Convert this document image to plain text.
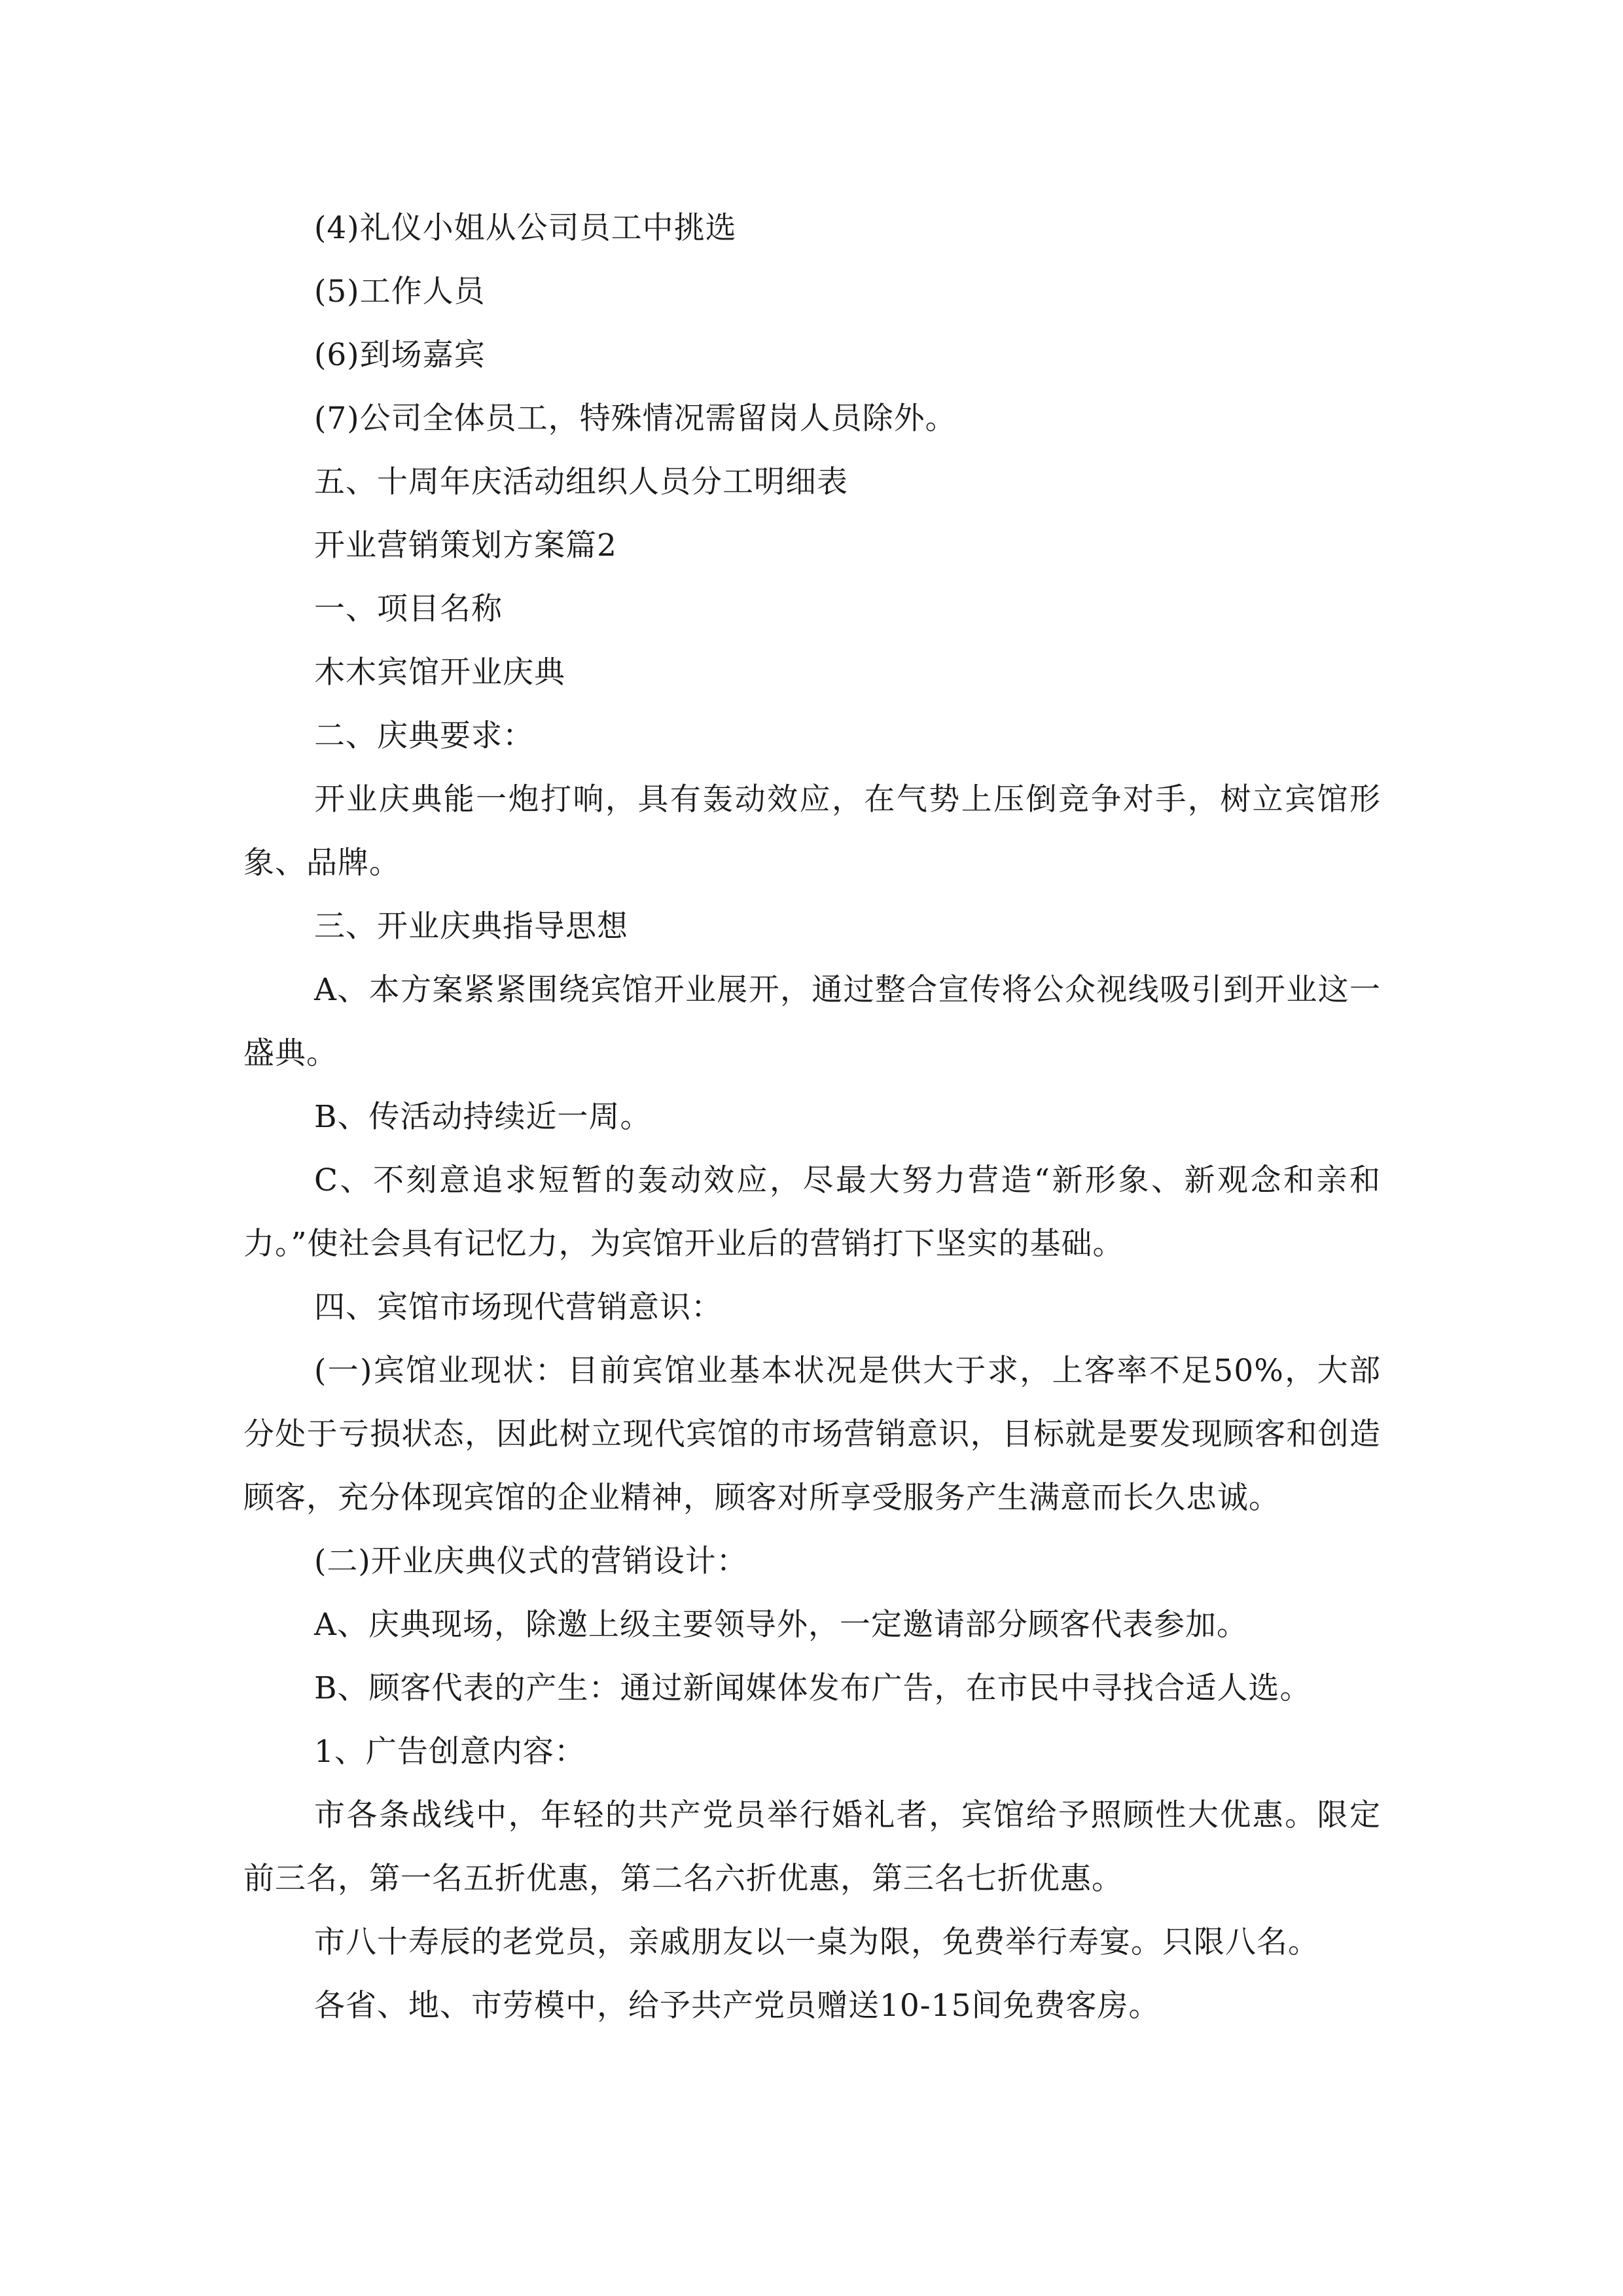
(4)礼仪小姐从公司员工中挑选

(5)工作人员

(6)到场嘉宾

(7)公司全体员工，特殊情况需留岗人员除外。

五、十周年庆活动组织人员分工明细表

开业营销策划方案篇2

一、项目名称

木木宾馆开业庆典

二、庆典要求：

开业庆典能一炮打响，具有轰动效应，在气势上压倒竞争对手，树立宾馆形象、品牌。

三、开业庆典指导思想

A、本方案紧紧围绕宾馆开业展开，通过整合宣传将公众视线吸引到开业这一盛典。

B、传活动持续近一周。

C、不刻意追求短暂的轰动效应，尽最大努力营造“新形象、新观念和亲和力。”使社会具有记忆力，为宾馆开业后的营销打下坚实的基础。

四、宾馆市场现代营销意识：

(一)宾馆业现状：目前宾馆业基本状况是供大于求，上客率不足50%，大部分处于亏损状态，因此树立现代宾馆的市场营销意识，目标就是要发现顾客和创造顾客，充分体现宾馆的企业精神，顾客对所享受服务产生满意而长久忠诚。

(二)开业庆典仪式的营销设计：

A、庆典现场，除邀上级主要领导外，一定邀请部分顾客代表参加。

B、顾客代表的产生：通过新闻媒体发布广告，在市民中寻找合适人选。

1、广告创意内容：

市各条战线中，年轻的共产党员举行婚礼者，宾馆给予照顾性大优惠。限定前三名，第一名五折优惠，第二名六折优惠，第三名七折优惠。

市八十寿辰的老党员，亲戚朋友以一桌为限，免费举行寿宴。只限八名。

各省、地、市劳模中，给予共产党员赠送10-15间免费客房。
